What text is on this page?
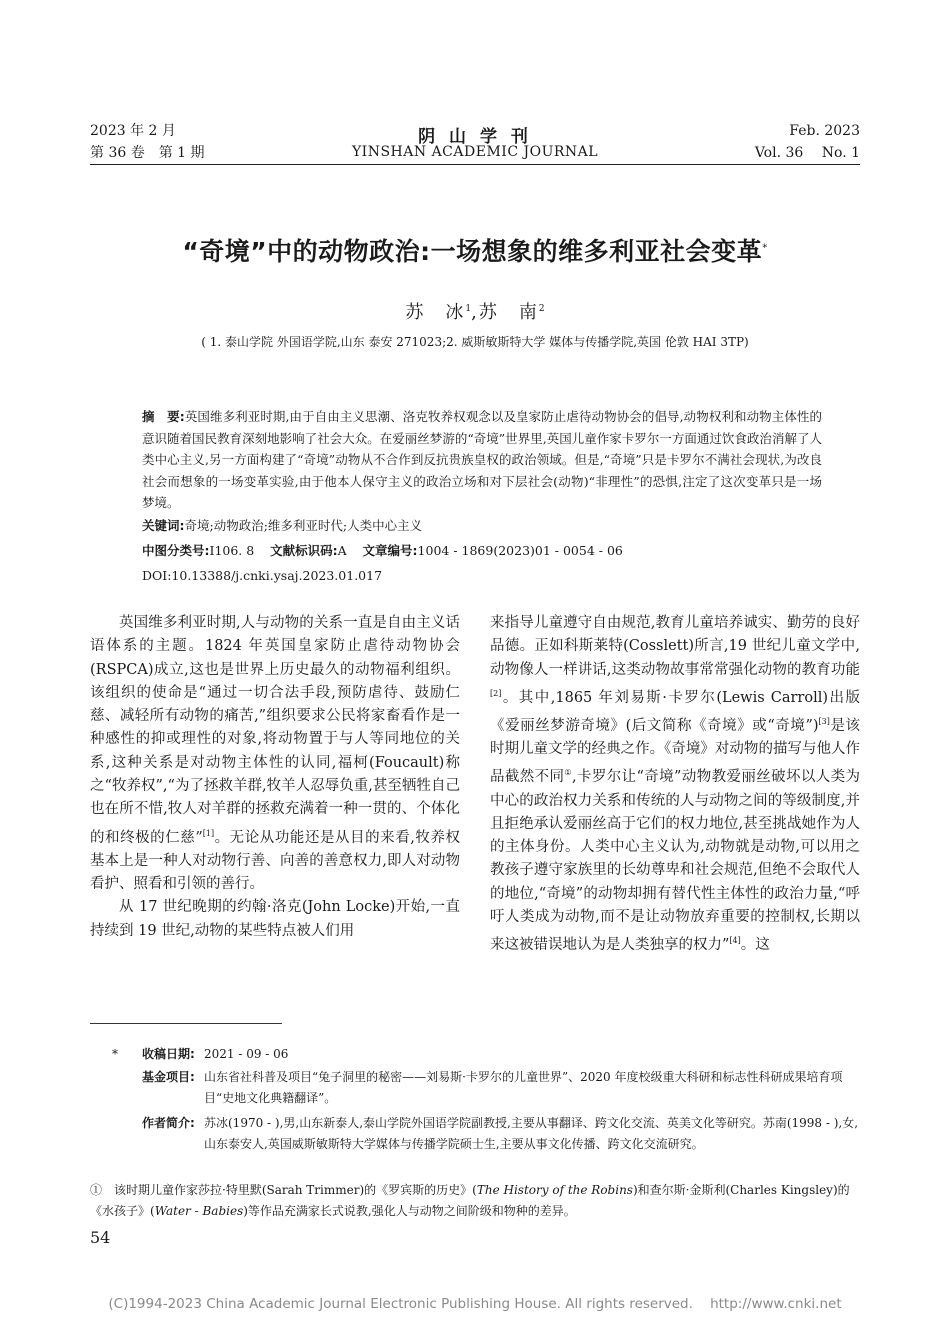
2023 年 2 月
第 36 卷　第 1 期
阴 山 学 刊
YINSHAN ACADEMIC JOURNAL
Feb. 2023
Vol. 36　 No. 1
“奇境”中的动物政治:一场想象的维多利亚社会变革*
苏　冰$^1$,苏　南$^2$
( 1. 泰山学院 外国语学院,山东 泰安 271023;2. 威斯敏斯特大学 媒体与传播学院,英国 伦敦 HAI 3TP)
摘　要:英国维多利亚时期,由于自由主义思潮、洛克牧养权观念以及皇家防止虐待动物协会的倡导,动物权利和动物主体性的意识随着国民教育深刻地影响了社会大众。在爱丽丝梦游的“奇境”世界里,英国儿童作家卡罗尔一方面通过饮食政治消解了人类中心主义,另一方面构建了“奇境”动物从不合作到反抗贵族皇权的政治领域。但是,“奇境”只是卡罗尔不满社会现状,为改良社会而想象的一场变革实验,由于他本人保守主义的政治立场和对下层社会(动物)“非理性”的恐惧,注定了这次变革只是一场梦境。
关键词:奇境;动物政治;维多利亚时代;人类中心主义
中图分类号:I106. 8 文献标识码:A 文章编号:1004 - 1869(2023)01 - 0054 - 06
DOI:10.13388/j.cnki.ysaj.2023.01.017

英国维多利亚时期,人与动物的关系一直是自由主义话语体系的主题。1824 年英国皇家防止虐待动物协会(RSPCA)成立,这也是世界上历史最久的动物福利组织。该组织的使命是“通过一切合法手段,预防虐待、鼓励仁慈、减轻所有动物的痛苦,”组织要求公民将家畜看作是一种感性的抑或理性的对象,将动物置于与人等同地位的关系,这种关系是对动物主体性的认同,福柯(Foucault)称之“牧养权”,“为了拯救羊群,牧羊人忍辱负重,甚至牺牲自己也在所不惜,牧人对羊群的拯救充满着一种一贯的、个体化的和终极的仁慈”[1]。无论从功能还是从目的来看,牧养权基本上是一种人对动物行善、向善的善意权力,即人对动物看护、照看和引领的善行。

从 17 世纪晚期的约翰·洛克(John Locke)开始,一直持续到 19 世纪,动物的某些特点被人们用

来指导儿童遵守自由规范,教育儿童培养诚实、勤劳的良好品德。正如科斯莱特(Cosslett)所言,19 世纪儿童文学中,动物像人一样讲话,这类动物故事常常强化动物的教育功能[2]。其中,1865 年刘易斯·卡罗尔(Lewis Carroll)出版《爱丽丝梦游奇境》(后文简称《奇境》或“奇境”)[3]是该时期儿童文学的经典之作。《奇境》对动物的描写与他人作品截然不同①,卡罗尔让“奇境”动物教爱丽丝破坏以人类为中心的政治权力关系和传统的人与动物之间的等级制度,并且拒绝承认爱丽丝高于它们的权力地位,甚至挑战她作为人的主体身份。人类中心主义认为,动物就是动物,可以用之教孩子遵守家族里的长幼尊卑和社会规范,但绝不会取代人的地位,“奇境”的动物却拥有替代性主体性的政治力量,“呼吁人类成为动物,而不是让动物放弃重要的控制权,长期以来这被错误地认为是人类独享的权力”[4]。这

* 收稿日期: 2021 - 09 - 06
基金项目: 山东省社科普及项目“兔子洞里的秘密——刘易斯·卡罗尔的儿童世界”、2020 年度校级重大科研和标志性科研成果培育项目“史地文化典籍翻译”。
作者简介: 苏冰(1970 - ),男,山东新泰人,泰山学院外国语学院副教授,主要从事翻译、跨文化交流、英美文化等研究。苏南(1998 - ),女,山东泰安人,英国威斯敏斯特大学媒体与传播学院硕士生,主要从事文化传播、跨文化交流研究。
①　该时期儿童作家莎拉·特里默(Sarah Trimmer)的《罗宾斯的历史》(The History of the Robins)和查尔斯·金斯利(Charles Kingsley)的《水孩子》(Water - Babies)等作品充满家长式说教,强化人与动物之间阶级和物种的差异。
54
(C)1994-2023 China Academic Journal Electronic Publishing House. All rights reserved.    http://www.cnki.net
